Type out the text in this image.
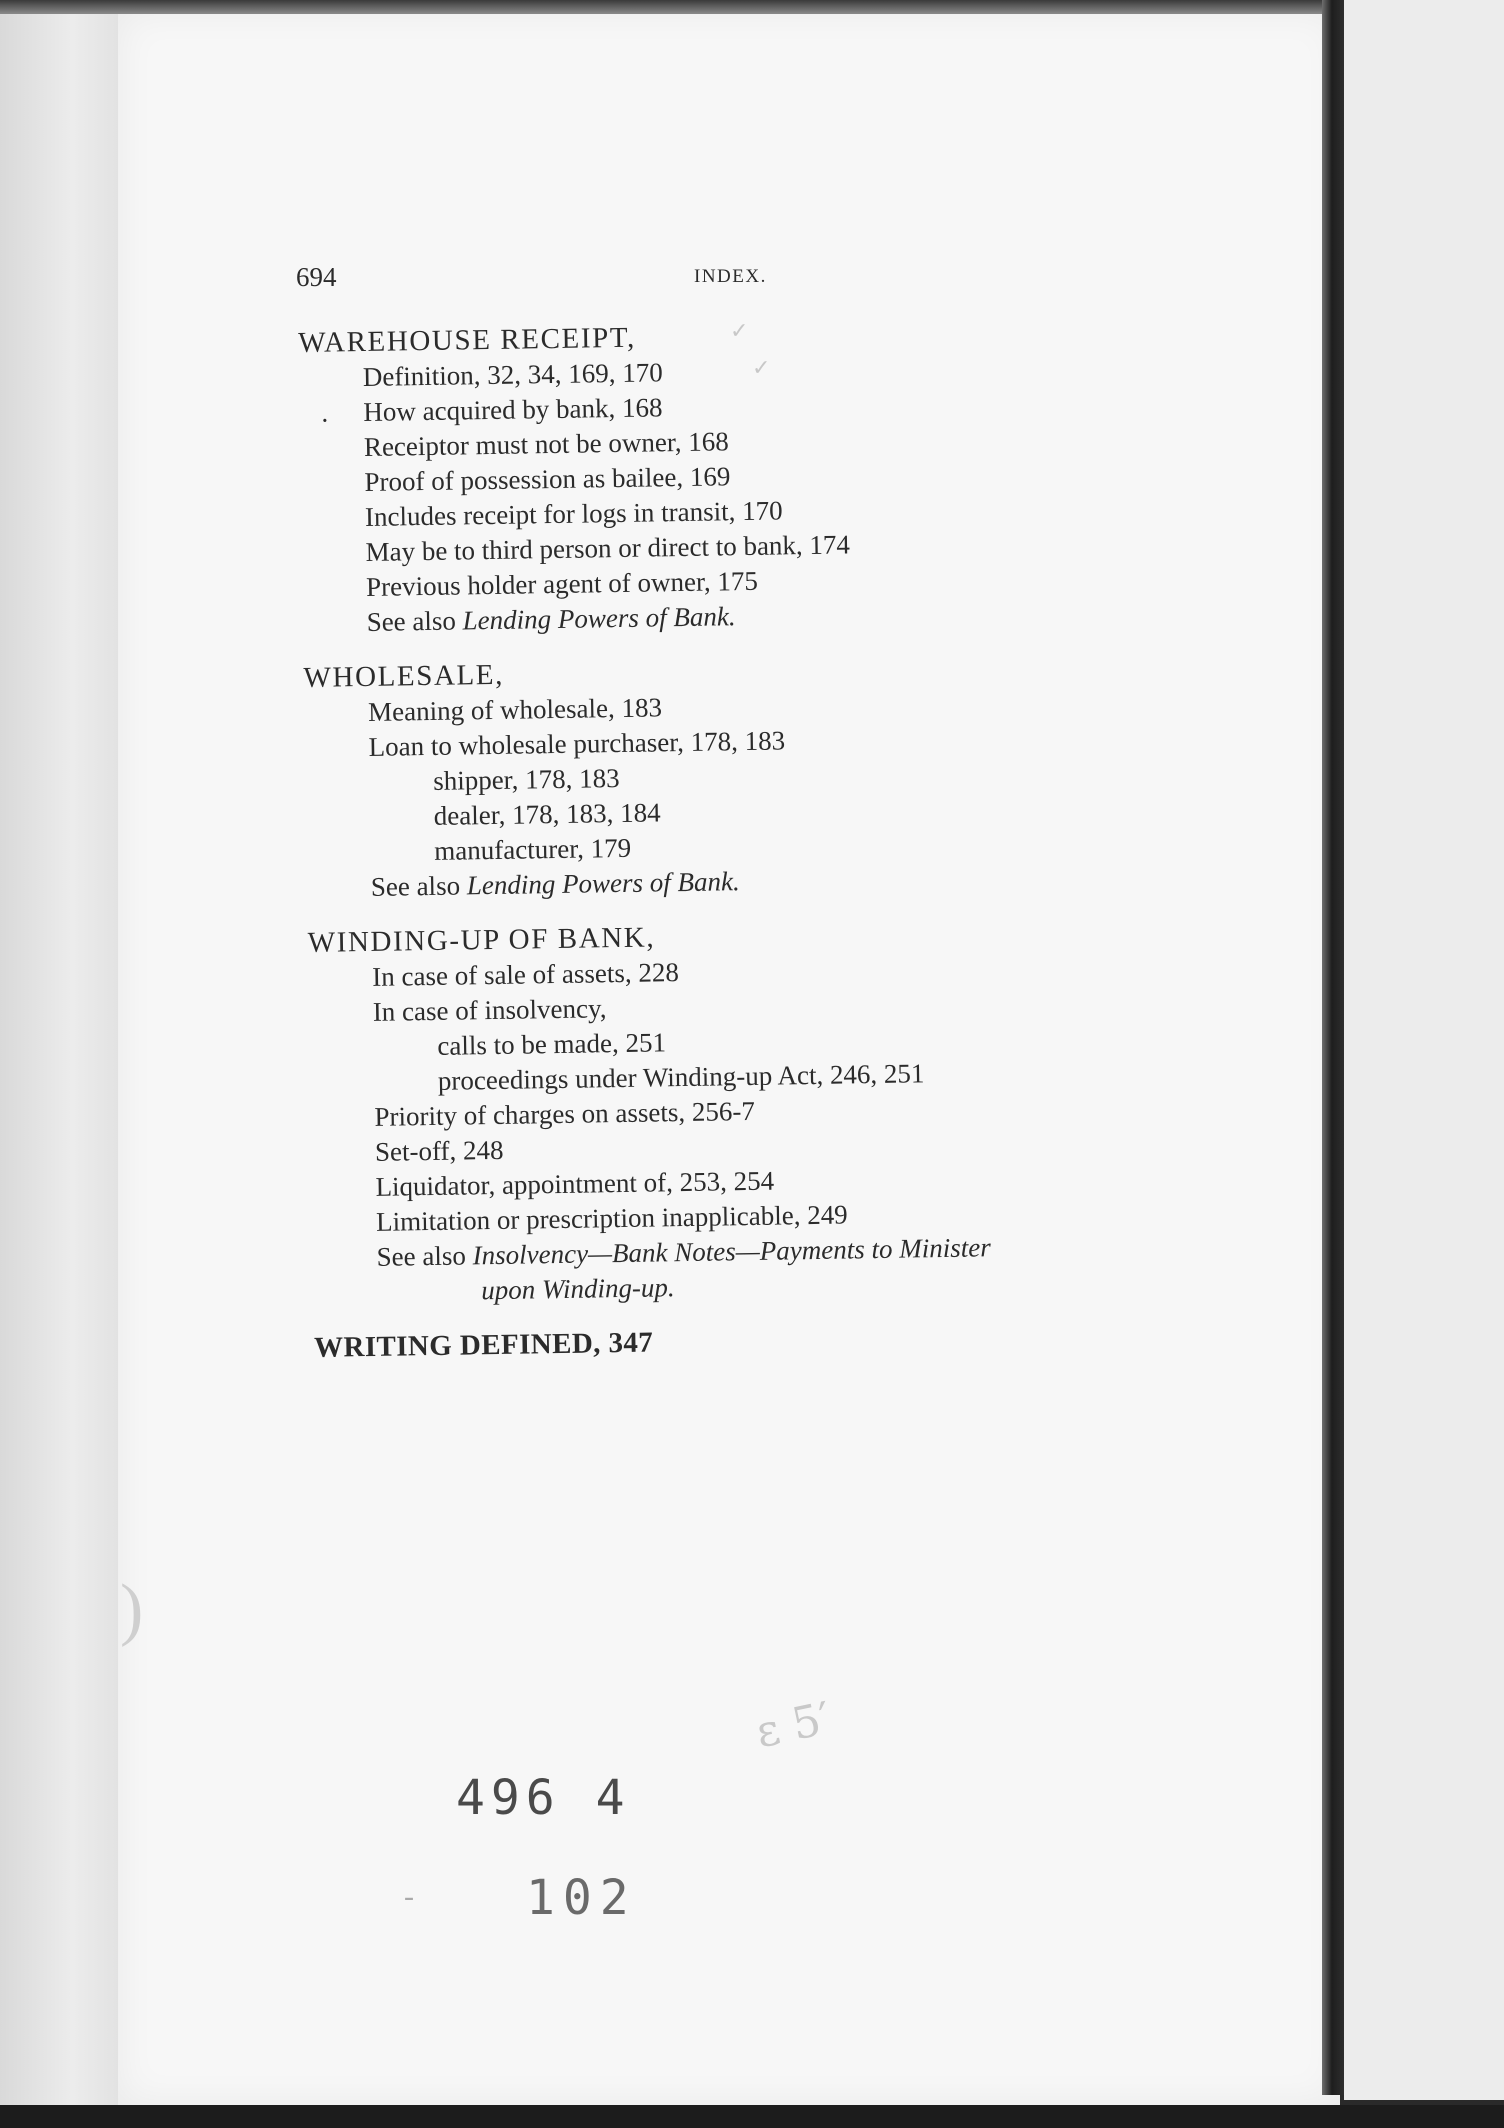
)
694	INDEX.

WAREHOUSE RECEIPT,

Definition, 32, 34, 169, 170

. How acquired by bank, 168

Receiptor must not be owner, 168

Proof of possession as bailee, 169

Includes receipt for logs in transit, 170

May be to third person or direct to bank, 174

Previous holder agent of owner, 175

See also Lending Powers of Bank.

WHOLESALE,

Meaning of wholesale, 183

Loan to wholesale purchaser, 178, 183

shipper, 178, 183

dealer, 178, 183, 184

manufacturer, 179

See also Lending Powers of Bank.

WINDING-UP OF BANK,

In case of sale of assets, 228

In case of insolvency,

calls to be made, 251

proceedings under Winding-up Act, 246, 251

Priority of charges on assets, 256-7

Set-off, 248

Liquidator, appointment of, 253, 254

Limitation or prescription inapplicable, 249

See also Insolvency—Bank Notes—Payments to Minister
upon Winding-up.

WRITING DEFINED, 347

✓
✓
ε 5′
496 4
- 102
